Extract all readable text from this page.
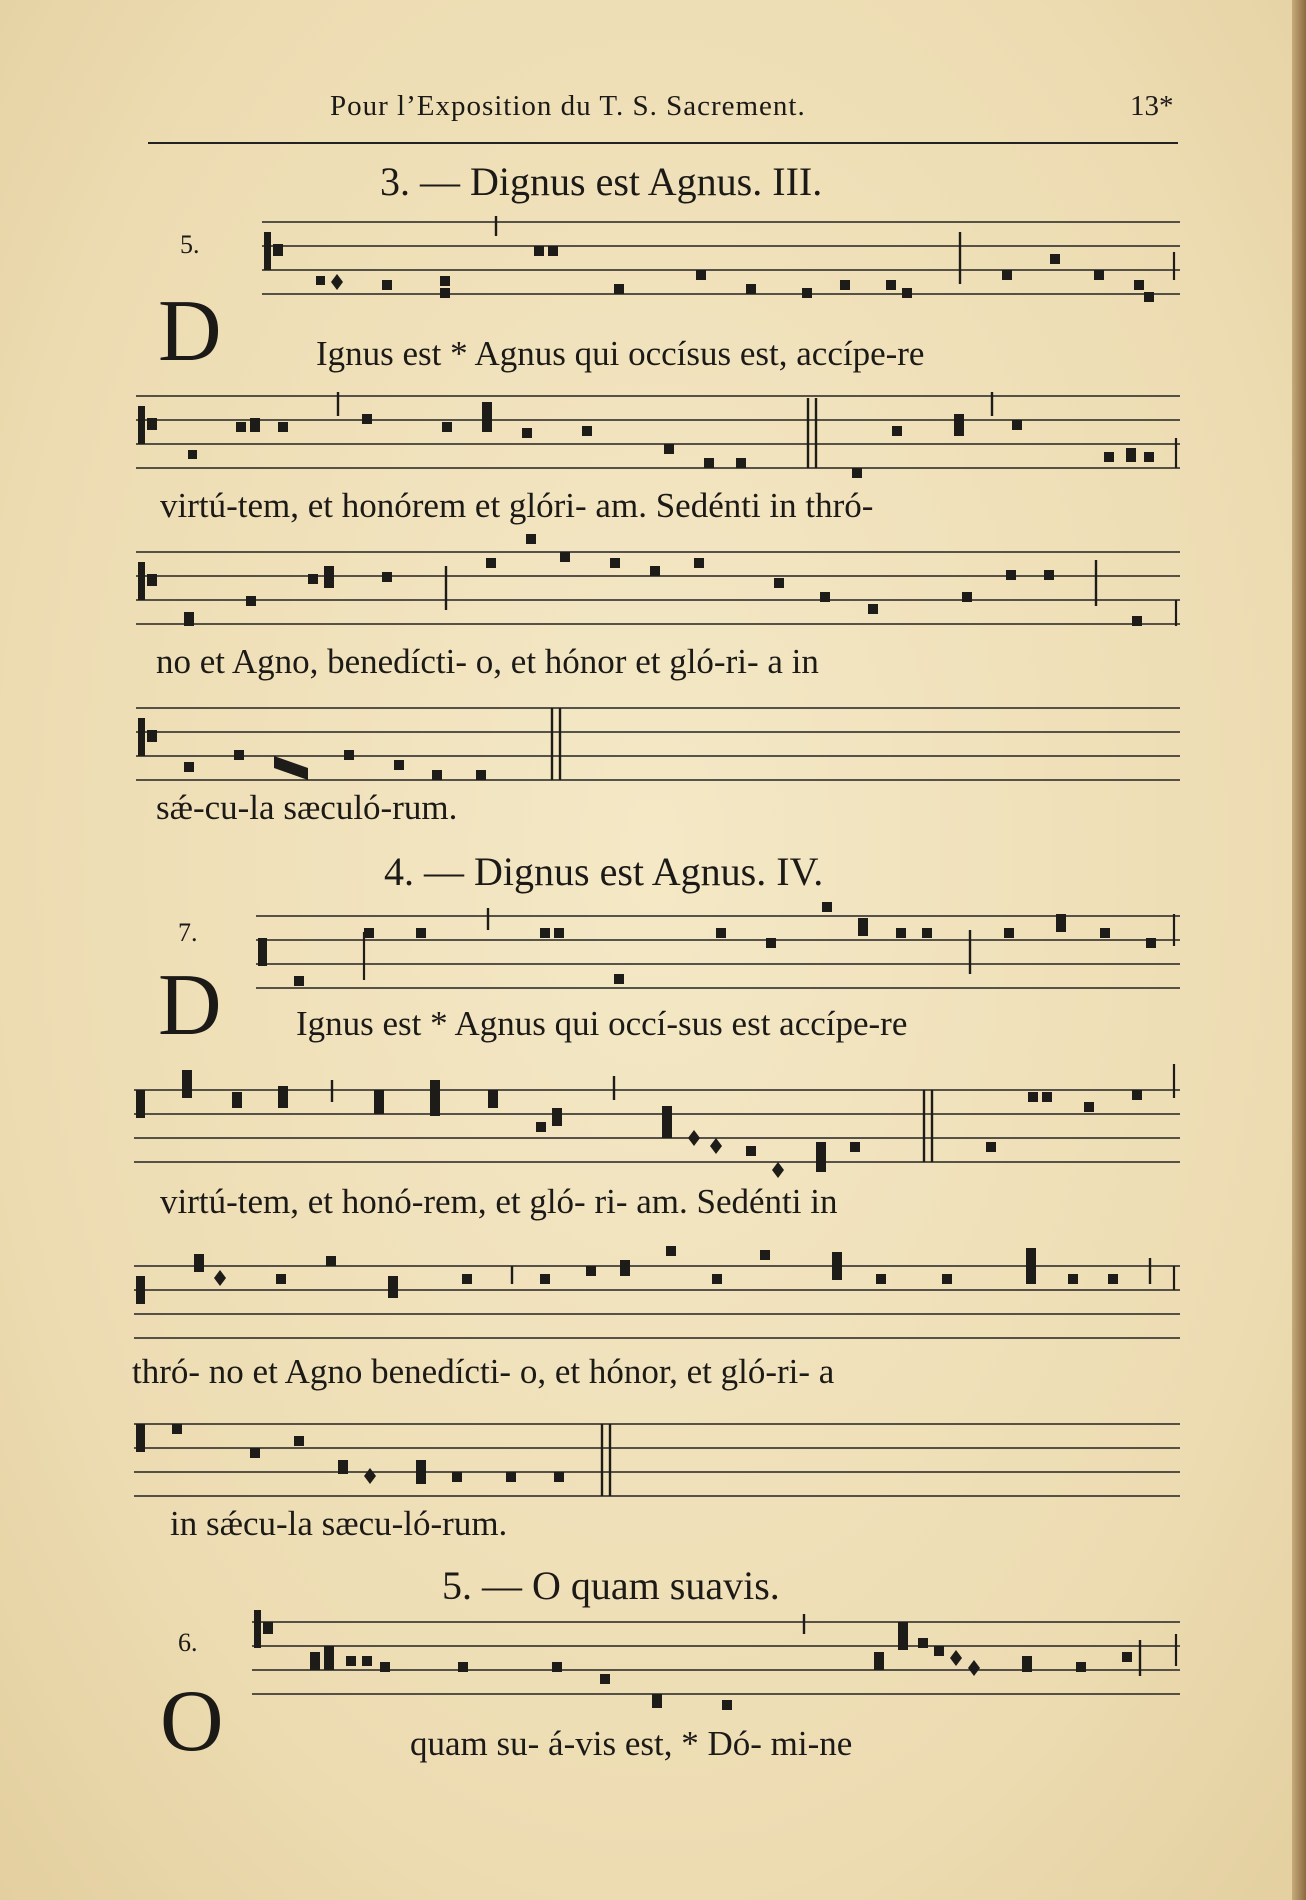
Pour l’Exposition du T. S. Sacrement.	13*
3. — Dignus est Agnus. III.
5.
D	Ignus est * Agnus qui occísus est, accípe-re
virtú-tem, et honórem et glóri- am. Sedénti in thró-
no et Agno, benedícti- o, et hónor et gló-ri- a in
sǽ-cu-la sæculó-rum.
4. — Dignus est Agnus. IV.
7.
D Ignus est * Agnus qui occí-sus est accípe-re
virtú-tem, et honó-rem, et gló- ri- am. Sedénti in
thró- no et Agno benedícti- o, et hónor, et gló-ri- a
in sǽcu-la sæcu-ló-rum.
5. — O quam suavis.
6.
O	quam su- á-vis est, * Dó- mi-ne
